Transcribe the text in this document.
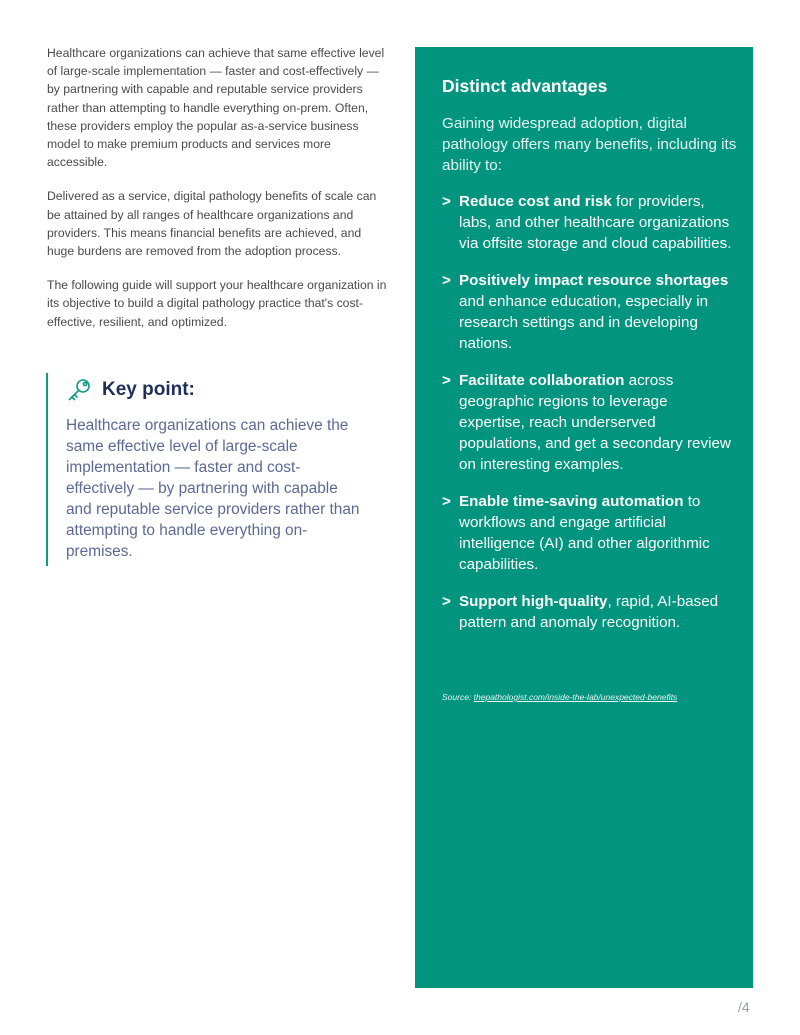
Healthcare organizations can achieve that same effective level of large-scale implementation — faster and cost-effectively — by partnering with capable and reputable service providers rather than attempting to handle everything on-prem. Often, these providers employ the popular as-a-service business model to make premium products and services more accessible.

Delivered as a service, digital pathology benefits of scale can be attained by all ranges of healthcare organizations and providers. This means financial benefits are achieved, and huge burdens are removed from the adoption process.

The following guide will support your healthcare organization in its objective to build a digital pathology practice that's cost-effective, resilient, and optimized.

Key point:
Healthcare organizations can achieve the same effective level of large-scale implementation — faster and cost-effectively — by partnering with capable and reputable service providers rather than attempting to handle everything on-premises.
Distinct advantages
Gaining widespread adoption, digital pathology offers many benefits, including its ability to:
> Reduce cost and risk for providers, labs, and other healthcare organizations via offsite storage and cloud capabilities.
> Positively impact resource shortages and enhance education, especially in research settings and in developing nations.
> Facilitate collaboration across geographic regions to leverage expertise, reach underserved populations, and get a secondary review on interesting examples.
> Enable time-saving automation to workflows and engage artificial intelligence (AI) and other algorithmic capabilities.
> Support high-quality, rapid, AI-based pattern and anomaly recognition.
Source: thepathologist.com/inside-the-lab/unexpected-benefits
/4
